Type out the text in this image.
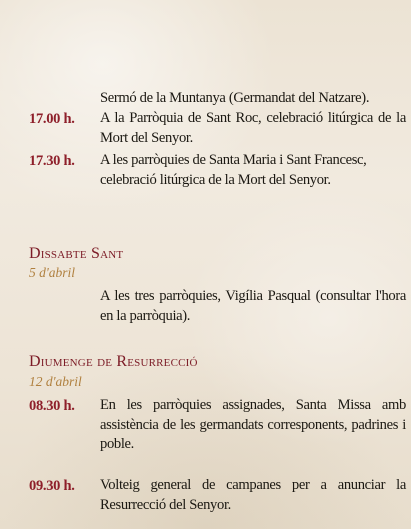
Sermó de la Muntanya (Germandat del Natzare).
17.00 h. A la Parròquia de Sant Roc, celebració litúrgica de la Mort del Senyor.
17.30 h. A les parròquies de Santa Maria i Sant Francesc, celebració litúrgica de la Mort del Senyor.
Dissabte Sant
5 d'abril
A les tres parròquies, Vigília Pasqual (consultar l'hora en la parròquia).
Diumenge de Resurrecció
12 d'abril
08.30 h. En les parròquies assignades, Santa Missa amb assistència de les germandats corresponents, padrines i poble.
09.30 h. Volteig general de campanes per a anunciar la Resurrecció del Senyor.
